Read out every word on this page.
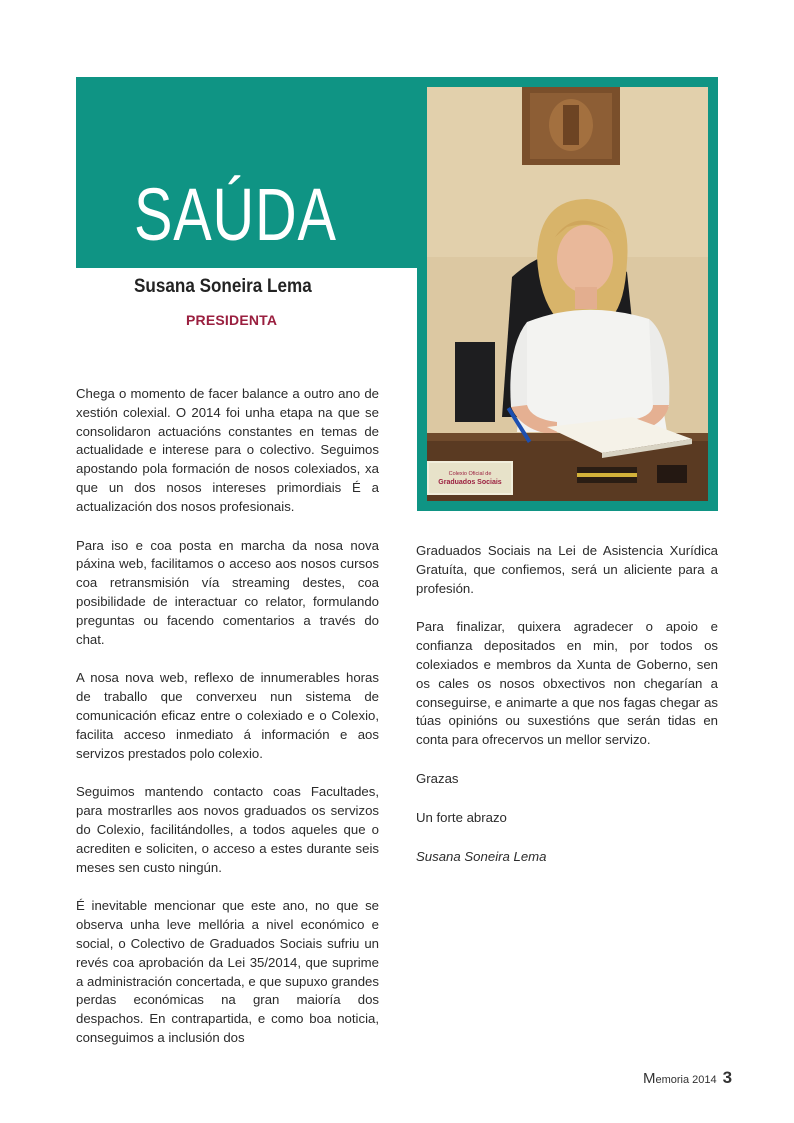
Colexio Oficial de
Graduados Sociais
SAÚDA
Susana Soneira Lema
PRESIDENTA

Chega o momento de facer balance a outro ano de xestión colexial. O 2014 foi unha etapa na que se consolidaron actuacións constantes en temas de actualidade e interese para o colectivo. Seguimos apostando pola formación de nosos colexiados, xa que un dos nosos intereses primordiais É a actualización dos nosos profesionais.

Para iso e coa posta en marcha da nosa nova páxina web, facilitamos o acceso aos nosos cursos coa retransmisión vía streaming destes, coa posibilidade de interactuar co relator, formulando preguntas ou facendo comentarios a través do chat.

A nosa nova web, reflexo de innumerables horas de traballo que converxeu nun sistema de comunicación eficaz entre o colexiado e o Colexio, facilita acceso inmediato á información e aos servizos prestados polo colexio.

Seguimos mantendo contacto coas Facultades, para mostrarlles aos novos graduados os servizos do Colexio, facilitándolles, a todos aqueles que o acrediten e soliciten, o acceso a estes durante seis meses sen custo ningún.

É inevitable mencionar que este ano, no que se observa unha leve mellória a nivel económico e social, o Colectivo de Graduados Sociais sufriu un revés coa aprobación da Lei 35/2014, que suprime a administración concertada, e que supuxo grandes perdas económicas na gran maioría dos despachos. En contrapartida, e como boa noticia, conseguimos a inclusión dos

Graduados Sociais na Lei de Asistencia Xurídica Gratuíta, que confiemos, será un aliciente para a profesión.

Para finalizar, quixera agradecer o apoio e confianza depositados en min, por todos os colexiados e membros da Xunta de Goberno, sen os cales os nosos obxectivos non chegarían a conseguirse, e animarte a que nos fagas chegar as túas opinións ou suxestións que serán tidas en conta para ofrecervos un mellor servizo.

Grazas

Un forte abrazo

Susana Soneira Lema

Memoria 2014 3
